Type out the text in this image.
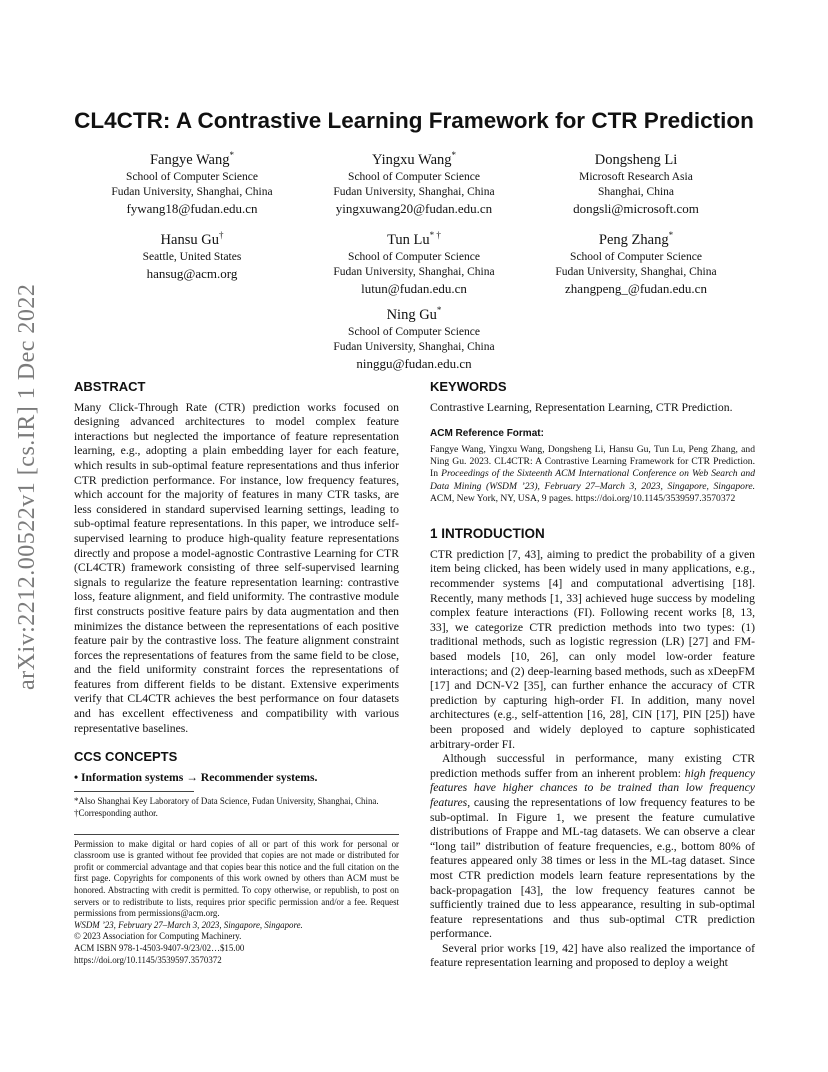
arXiv:2212.00522v1 [cs.IR] 1 Dec 2022
CL4CTR: A Contrastive Learning Framework for CTR Prediction
Fangye Wang*
School of Computer Science
Fudan University, Shanghai, China
fywang18@fudan.edu.cn
Yingxu Wang*
School of Computer Science
Fudan University, Shanghai, China
yingxuwang20@fudan.edu.cn
Dongsheng Li
Microsoft Research Asia
Shanghai, China
dongsli@microsoft.com
Hansu Gu†
Seattle, United States
hansug@acm.org
Tun Lu* †
School of Computer Science
Fudan University, Shanghai, China
lutun@fudan.edu.cn
Peng Zhang*
School of Computer Science
Fudan University, Shanghai, China
zhangpeng_@fudan.edu.cn
Ning Gu*
School of Computer Science
Fudan University, Shanghai, China
ninggu@fudan.edu.cn
ABSTRACT

Many Click-Through Rate (CTR) prediction works focused on designing advanced architectures to model complex feature interactions but neglected the importance of feature representation learning, e.g., adopting a plain embedding layer for each feature, which results in sub-optimal feature representations and thus inferior CTR prediction performance. For instance, low frequency features, which account for the majority of features in many CTR tasks, are less considered in standard supervised learning settings, leading to sub-optimal feature representations. In this paper, we introduce self-supervised learning to produce high-quality feature representations directly and propose a model-agnostic Contrastive Learning for CTR (CL4CTR) framework consisting of three self-supervised learning signals to regularize the feature representation learning: contrastive loss, feature alignment, and field uniformity. The contrastive module first constructs positive feature pairs by data augmentation and then minimizes the distance between the representations of each positive feature pair by the contrastive loss. The feature alignment constraint forces the representations of features from the same field to be close, and the field uniformity constraint forces the representations of features from different fields to be distant. Extensive experiments verify that CL4CTR achieves the best performance on four datasets and has excellent effectiveness and compatibility with various representative baselines.

CCS CONCEPTS

• Information systems → Recommender systems.

*Also Shanghai Key Laboratory of Data Science, Fudan University, Shanghai, China.

†Corresponding author.

Permission to make digital or hard copies of all or part of this work for personal or classroom use is granted without fee provided that copies are not made or distributed for profit or commercial advantage and that copies bear this notice and the full citation on the first page. Copyrights for components of this work owned by others than ACM must be honored. Abstracting with credit is permitted. To copy otherwise, or republish, to post on servers or to redistribute to lists, requires prior specific permission and/or a fee. Request permissions from permissions@acm.org.

WSDM ’23, February 27–March 3, 2023, Singapore, Singapore.

© 2023 Association for Computing Machinery.

ACM ISBN 978-1-4503-9407-9/23/02…$15.00

https://doi.org/10.1145/3539597.3570372

KEYWORDS

Contrastive Learning, Representation Learning, CTR Prediction.

ACM Reference Format:

Fangye Wang, Yingxu Wang, Dongsheng Li, Hansu Gu, Tun Lu, Peng Zhang, and Ning Gu. 2023. CL4CTR: A Contrastive Learning Framework for CTR Prediction. In Proceedings of the Sixteenth ACM International Conference on Web Search and Data Mining (WSDM ’23), February 27–March 3, 2023, Singapore, Singapore. ACM, New York, NY, USA, 9 pages. https://doi.org/10.1145/3539597.3570372

1 INTRODUCTION

CTR prediction [7, 43], aiming to predict the probability of a given item being clicked, has been widely used in many applications, e.g., recommender systems [4] and computational advertising [18]. Recently, many methods [1, 33] achieved huge success by modeling complex feature interactions (FI). Following recent works [8, 13, 33], we categorize CTR prediction methods into two types: (1) traditional methods, such as logistic regression (LR) [27] and FM-based models [10, 26], can only model low-order feature interactions; and (2) deep-learning based methods, such as xDeepFM [17] and DCN-V2 [35], can further enhance the accuracy of CTR prediction by capturing high-order FI. In addition, many novel architectures (e.g., self-attention [16, 28], CIN [17], PIN [25]) have been proposed and widely deployed to capture sophisticated arbitrary-order FI.

Although successful in performance, many existing CTR prediction methods suffer from an inherent problem: high frequency features have higher chances to be trained than low frequency features, causing the representations of low frequency features to be sub-optimal. In Figure 1, we present the feature cumulative distributions of Frappe and ML-tag datasets. We can observe a clear “long tail” distribution of feature frequencies, e.g., bottom 80% of features appeared only 38 times or less in the ML-tag dataset. Since most CTR prediction models learn feature representations by the back-propagation [43], the low frequency features cannot be sufficiently trained due to less appearance, resulting in sub-optimal feature representations and thus sub-optimal CTR prediction performance.

Several prior works [19, 42] have also realized the importance of feature representation learning and proposed to deploy a weight
